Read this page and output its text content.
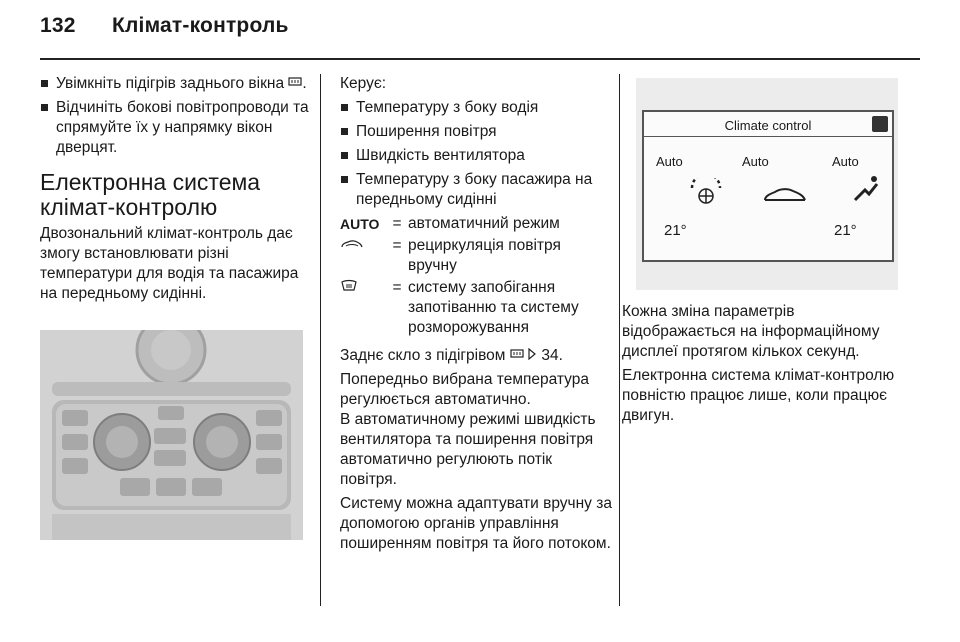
132 Клімат-контроль
Увімкніть підігрів заднього вікна .
Відчиніть бокові повітропроводи та спрямуйте їх у напрямку вікон дверцят.
Електронна система клімат-контролю

Двозональний клімат-контроль дає змогу встановлювати різні температури для водія та пасажира на передньому сидінні.

Керує:

Температуру з боку водія
Поширення повітря
Швидкість вентилятора
Температуру з боку пасажира на передньому сидінні
AUTO = автоматичний режим
= рециркуляція повітря вручну
= систему запобігання запотіванню та систему розморожування

Заднє скло з підігрівом 34.

Попередньо вибрана температура регулюється автоматично.

В автоматичному режимі швидкість вентилятора та поширення повітря автоматично регулюють потік повітря.

Систему можна адаптувати вручну за допомогою органів управління поширенням повітря та його потоком.

Climate control
Auto	Auto	Auto
21°	21°

Кожна зміна параметрів відображається на інформаційному дисплеї протягом кількох секунд.

Електронна система клімат-контролю повністю працює лише, коли працює двигун.
